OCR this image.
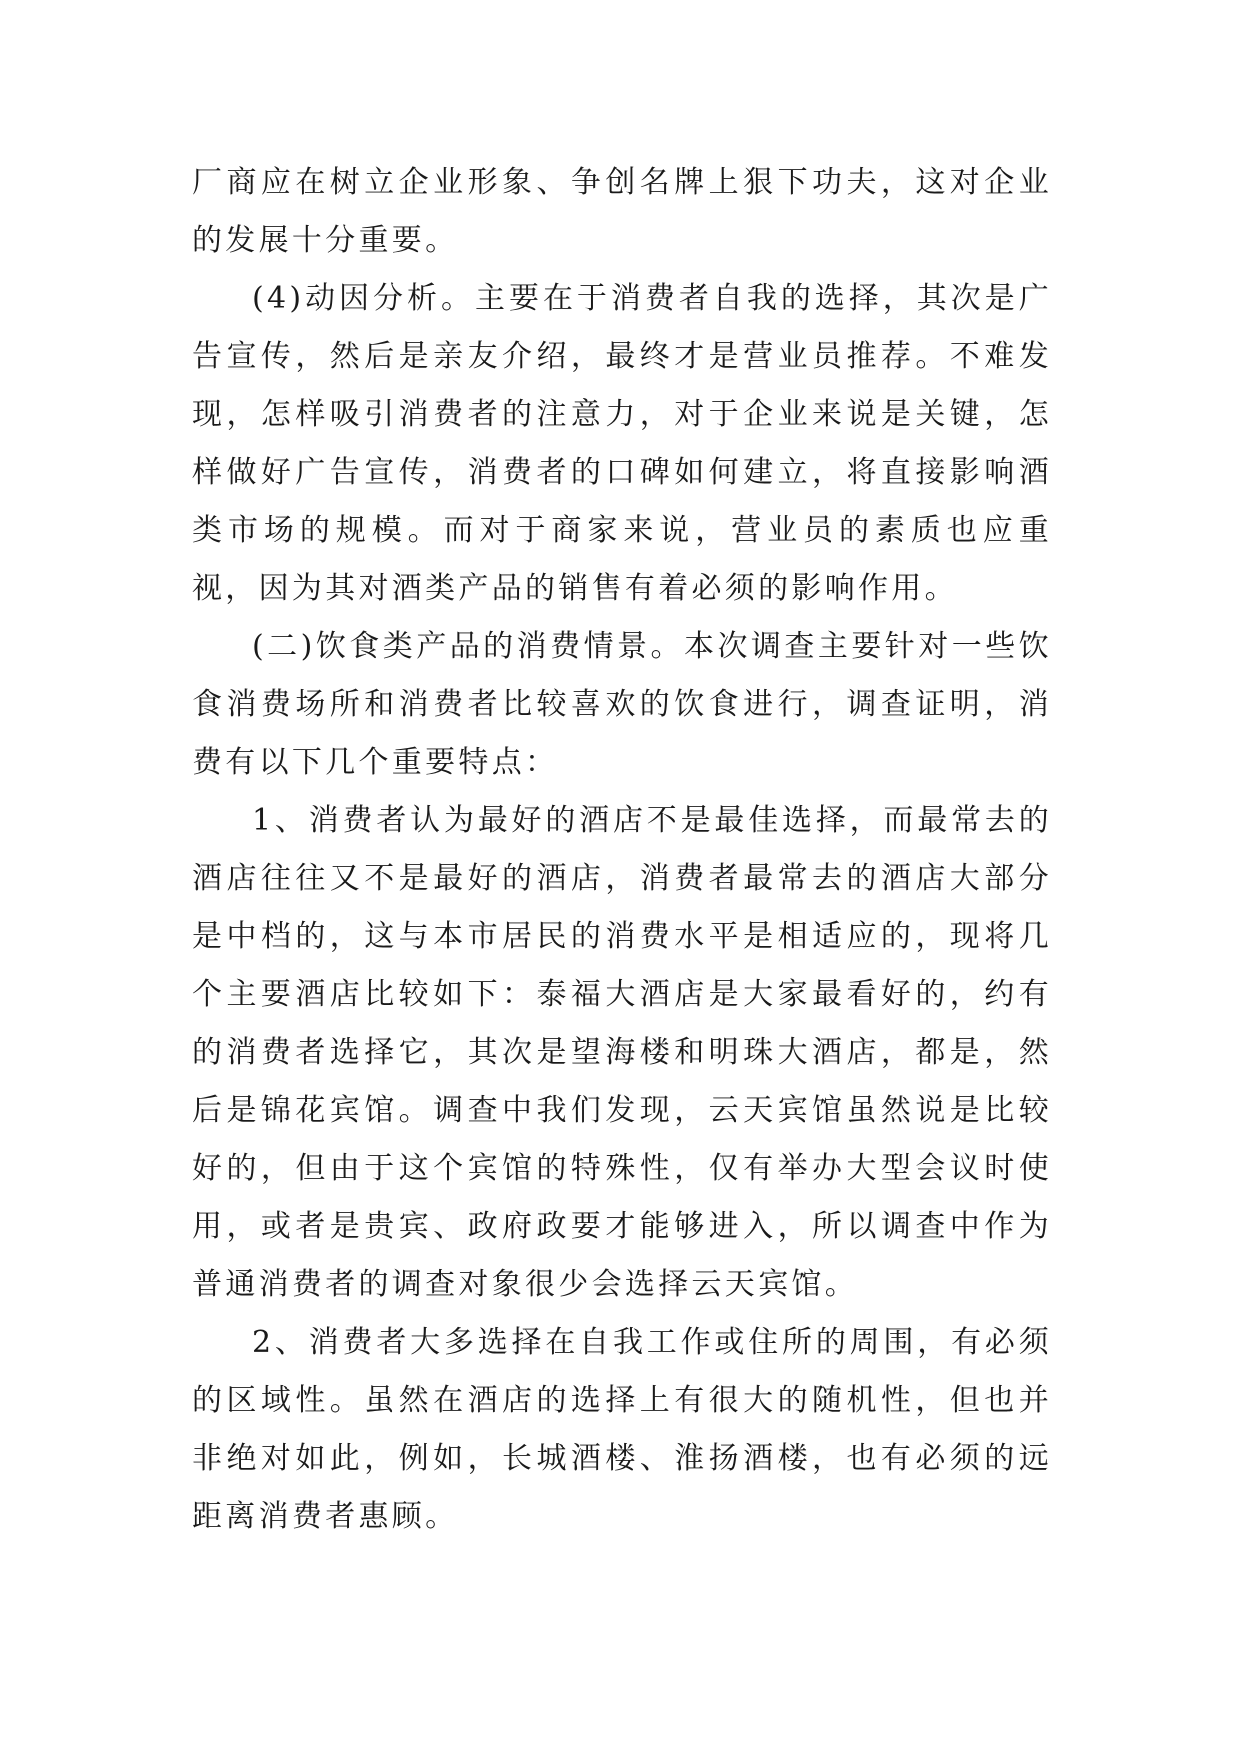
厂商应在树立企业形象、争创名牌上狠下功夫，这对企业的发展十分重要。

(4)动因分析。主要在于消费者自我的选择，其次是广告宣传，然后是亲友介绍，最终才是营业员推荐。不难发现，怎样吸引消费者的注意力，对于企业来说是关键，怎样做好广告宣传，消费者的口碑如何建立，将直接影响酒类市场的规模。而对于商家来说，营业员的素质也应重视，因为其对酒类产品的销售有着必须的影响作用。

(二)饮食类产品的消费情景。本次调查主要针对一些饮食消费场所和消费者比较喜欢的饮食进行，调查证明，消费有以下几个重要特点：

1、消费者认为最好的酒店不是最佳选择，而最常去的酒店往往又不是最好的酒店，消费者最常去的酒店大部分是中档的，这与本市居民的消费水平是相适应的，现将几个主要酒店比较如下：泰福大酒店是大家最看好的，约有的消费者选择它，其次是望海楼和明珠大酒店，都是，然后是锦花宾馆。调查中我们发现，云天宾馆虽然说是比较好的，但由于这个宾馆的特殊性，仅有举办大型会议时使用，或者是贵宾、政府政要才能够进入，所以调查中作为普通消费者的调查对象很少会选择云天宾馆。

2、消费者大多选择在自我工作或住所的周围，有必须的区域性。虽然在酒店的选择上有很大的随机性，但也并非绝对如此，例如，长城酒楼、淮扬酒楼，也有必须的远距离消费者惠顾。
